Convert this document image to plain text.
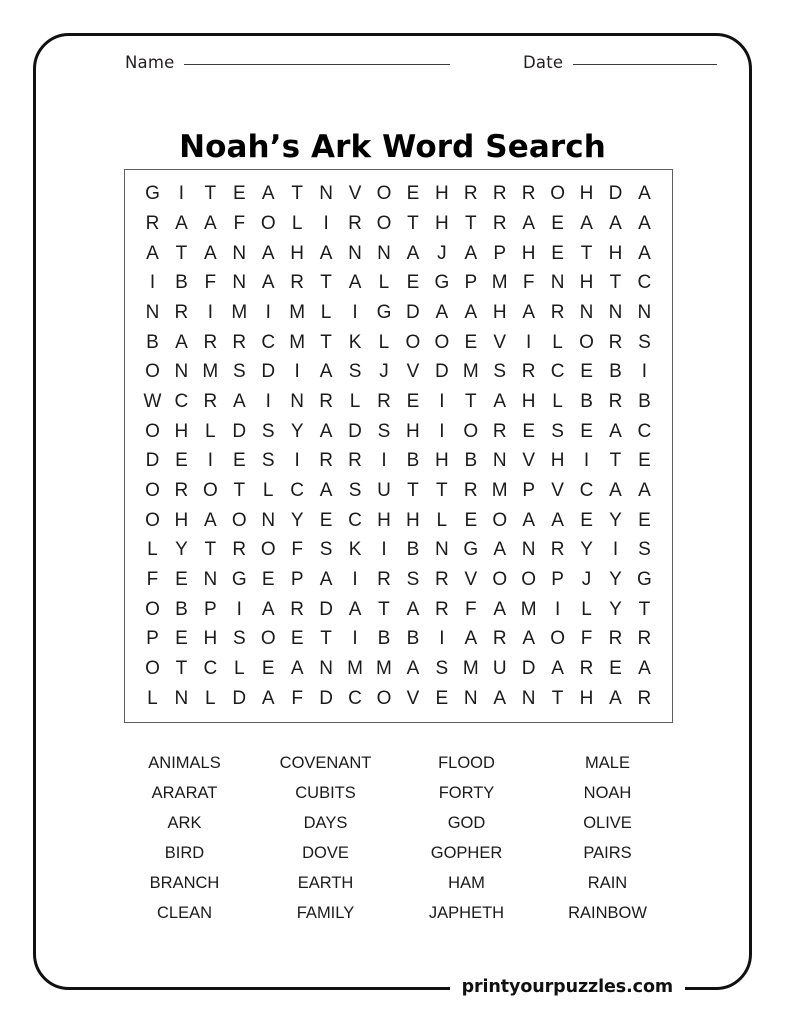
Name	Date
Noah’s Ark Word Search
G I	T E A T N V O E H R R R O H D A
R A A F O L	I	R O T H T R A E A A A
A T A N A H A N N A J A P H E T H A
I	B F N A R T A L E G P M F N H T C
N R	I M I M L	I G D A A H A R N N N
B A R R C M T K L O O E V	I	L O R S
O N M S D	I	A S J V D M S R C E B	I
W C R A	I	N R L R E	I	T A H L B R B
O H L D S Y A D S H	I O R E S E A C
D E	I	E S	I	R R	I	B H B N V H	I	T E
O R O T L C A S U T T R M P V C A A
O H A O N Y E C H H L E O A A E Y E
L Y T R O F S K	I	B N G A N R Y	I	S
F E N G E P A	I	R S R V O O P J Y G
O B P	I	A R D A T A R F A M I	L Y T
P E H S O E T	I	B B	I	A R A O F R R
O T C L E A N M M A S M U D A R E A
L N L D A F D C O V E N A N T H A R
ANIMALS	COVENANT	FLOOD	MALE
ARARAT	CUBITS	FORTY	NOAH
ARK	DAYS	GOD	OLIVE
BIRD	DOVE	GOPHER	PAIRS
BRANCH	EARTH	HAM	RAIN
CLEAN	FAMILY	JAPHETH	RAINBOW
printyourpuzzles.com
